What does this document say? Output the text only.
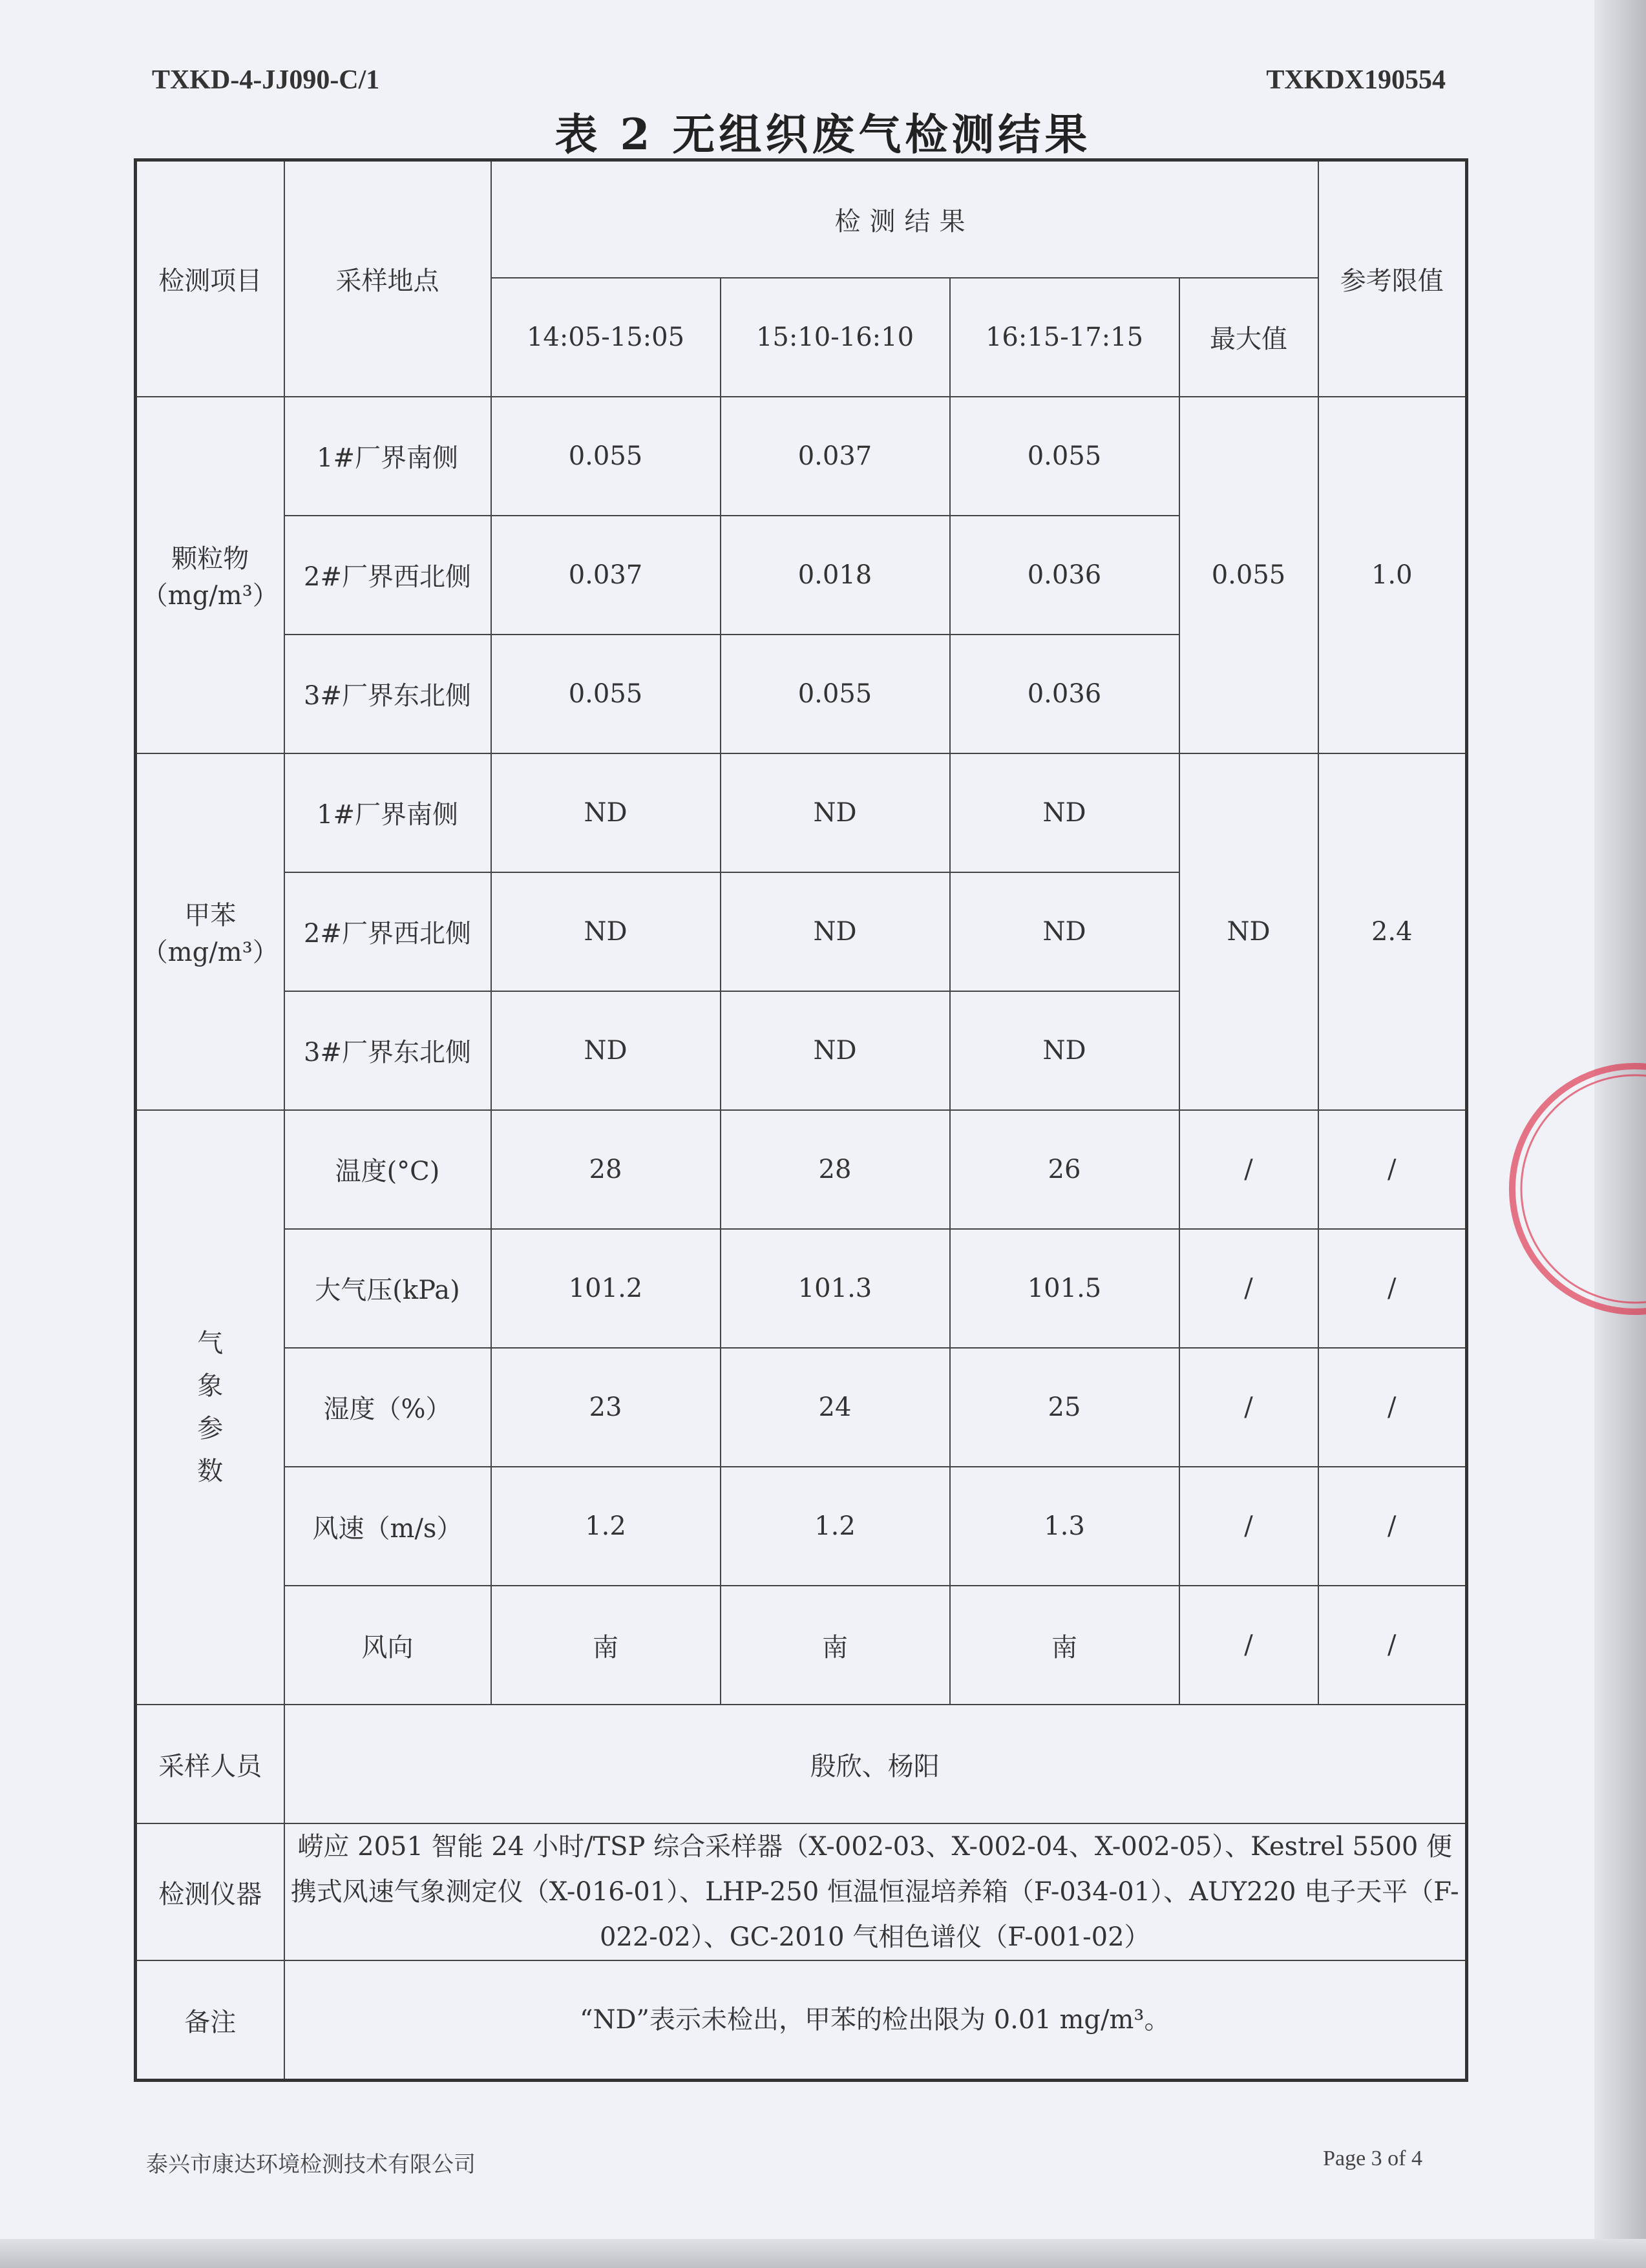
TXKD-4-JJ090-C/1	TXKDX190554
表 2 无组织废气检测结果
检测项目	采样地点	检测结果				参考限值
		14:05-15:05	15:10-16:10	16:15-17:15	最大值	

颗粒物
（mg/m³）	1#厂界南侧	0.055	0.037	0.055	0.055	1.0
	2#厂界西北侧	0.037	0.018	0.036		
	3#厂界东北侧	0.055	0.055	0.036		

甲苯
（mg/m³）	1#厂界南侧	ND	ND	ND	ND	2.4
	2#厂界西北侧	ND	ND	ND		
	3#厂界东北侧	ND	ND	ND		

气
象
参
数	温度(°C)	28	28	26	/	/
	大气压(kPa)	101.2	101.3	101.5	/	/
	湿度（%）	23	24	25	/	/
	风速（m/s）	1.2	1.2	1.3	/	/
	风向	南	南	南	/	/
采样人员	殷欣、杨阳					
检测仪器	崂应 2051 智能 24 小时/TSP 综合采样器（X-002-03、X-002-04、X-002-05）、Kestrel 5500 便携式风速气象测定仪（X-016-01）、LHP-250 恒温恒湿培养箱（F-034-01）、AUY220 电子天平（F-022-02）、GC-2010 气相色谱仪（F-001-02）					
备注	“ND”表示未检出，甲苯的检出限为 0.01 mg/m³。					
泰兴市康达环境检测技术有限公司	Page 3 of 4
